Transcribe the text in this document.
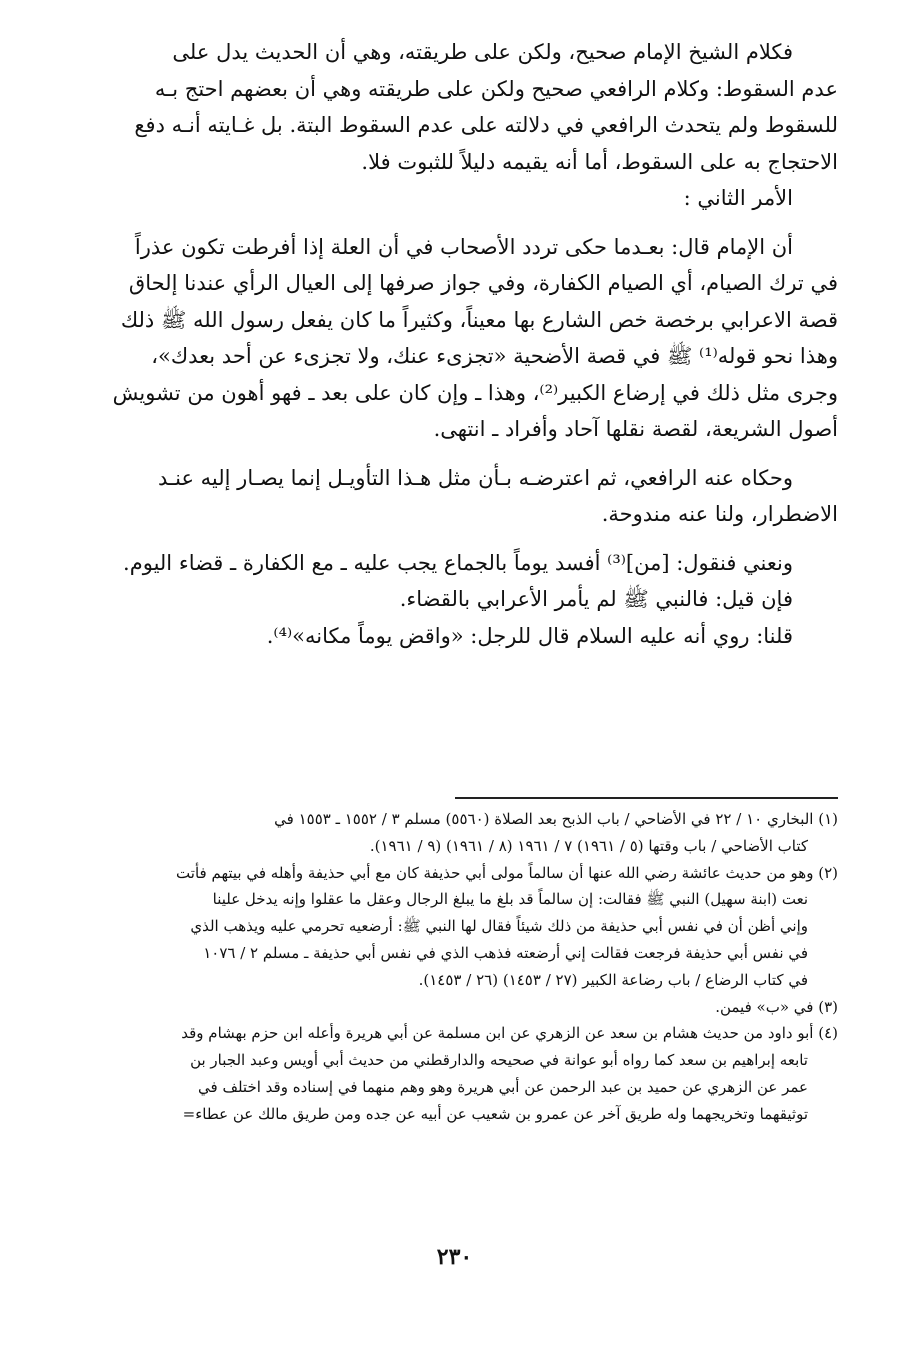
فكلام الشيخ الإمام صحيح، ولكن على طريقته، وهي أن الحديث يدل على
عدم السقوط: وكلام الرافعي صحيح ولكن على طريقته وهي أن بعضهم احتج بـه
للسقوط ولم يتحدث الرافعي في دلالته على عدم السقوط البتة. بل غـايته أنـه دفع
الاحتجاج به على السقوط، أما أنه يقيمه دليلاً للثبوت فلا.
الأمر الثاني :
أن الإمام قال: بعـدما حكى تردد الأصحاب في أن العلة إذا أفرطت تكون عذراً
في ترك الصيام، أي الصيام الكفارة، وفي جواز صرفها إلى العيال الرأي عندنا إلحاق
قصة الاعرابي برخصة خص الشارع بها معيناً، وكثيراً ما كان يفعل رسول الله ﷺ ذلك
وهذا نحو قوله⁽¹⁾ ﷺ في قصة الأضحية «تجزىء عنك، ولا تجزىء عن أحد بعدك»،
وجرى مثل ذلك في إرضاع الكبير⁽²⁾، وهذا ـ وإن كان على بعد ـ فهو أهون من تشويش
أصول الشريعة، لقصة نقلها آحاد وأفراد ـ انتهى.
وحكاه عنه الرافعي، ثم اعترضـه بـأن مثل هـذا التأويـل إنما يصـار إليه عنـد
الاضطرار، ولنا عنه مندوحة.
ونعني فنقول: [من]⁽³⁾ أفسد يوماً بالجماع يجب عليه ـ مع الكفارة ـ قضاء اليوم.
فإن قيل: فالنبي ﷺ لم يأمر الأعرابي بالقضاء.
قلنا: روي أنه عليه السلام قال للرجل: «واقض يوماً مكانه»⁽⁴⁾.
(١) البخاري ١٠ / ٢٢ في الأضاحي / باب الذبح بعد الصلاة (٥٥٦٠) مسلم ٣ / ١٥٥٢ ـ ١٥٥٣ في
كتاب الأضاحي / باب وقتها (٥ / ١٩٦١) ٧ / ١٩٦١ (٨ / ١٩٦١) (٩ / ١٩٦١).
(٢) وهو من حديث عائشة رضي الله عنها أن سالماً مولى أبي حذيفة كان مع أبي حذيفة وأهله في بيتهم فأتت
نعت (ابنة سهيل) النبي ﷺ فقالت: إن سالماً قد بلغ ما يبلغ الرجال وعقل ما عقلوا وإنه يدخل علينا
وإني أظن أن في نفس أبي حذيفة من ذلك شيئاً فقال لها النبي ﷺ: أرضعيه تحرمي عليه ويذهب الذي
في نفس أبي حذيفة فرجعت فقالت إني أرضعته فذهب الذي في نفس أبي حذيفة ـ مسلم ٢ / ١٠٧٦
في كتاب الرضاع / باب رضاعة الكبير (٢٧ / ١٤٥٣) (٢٦ / ١٤٥٣).
(٣) في «ب» فيمن.
(٤) أبو داود من حديث هشام بن سعد عن الزهري عن ابن مسلمة عن أبي هريرة وأعله ابن حزم بهشام وقد
تابعه إبراهيم بن سعد كما رواه أبو عوانة في صحيحه والدارقطني من حديث أبي أويس وعبد الجبار بن
عمر عن الزهري عن حميد بن عبد الرحمن عن أبي هريرة وهو وهم منهما في إسناده وقد اختلف في
توثيقهما وتخريجهما وله طريق آخر عن عمرو بن شعيب عن أبيه عن جده ومن طريق مالك عن عطاء=
٢٣٠
